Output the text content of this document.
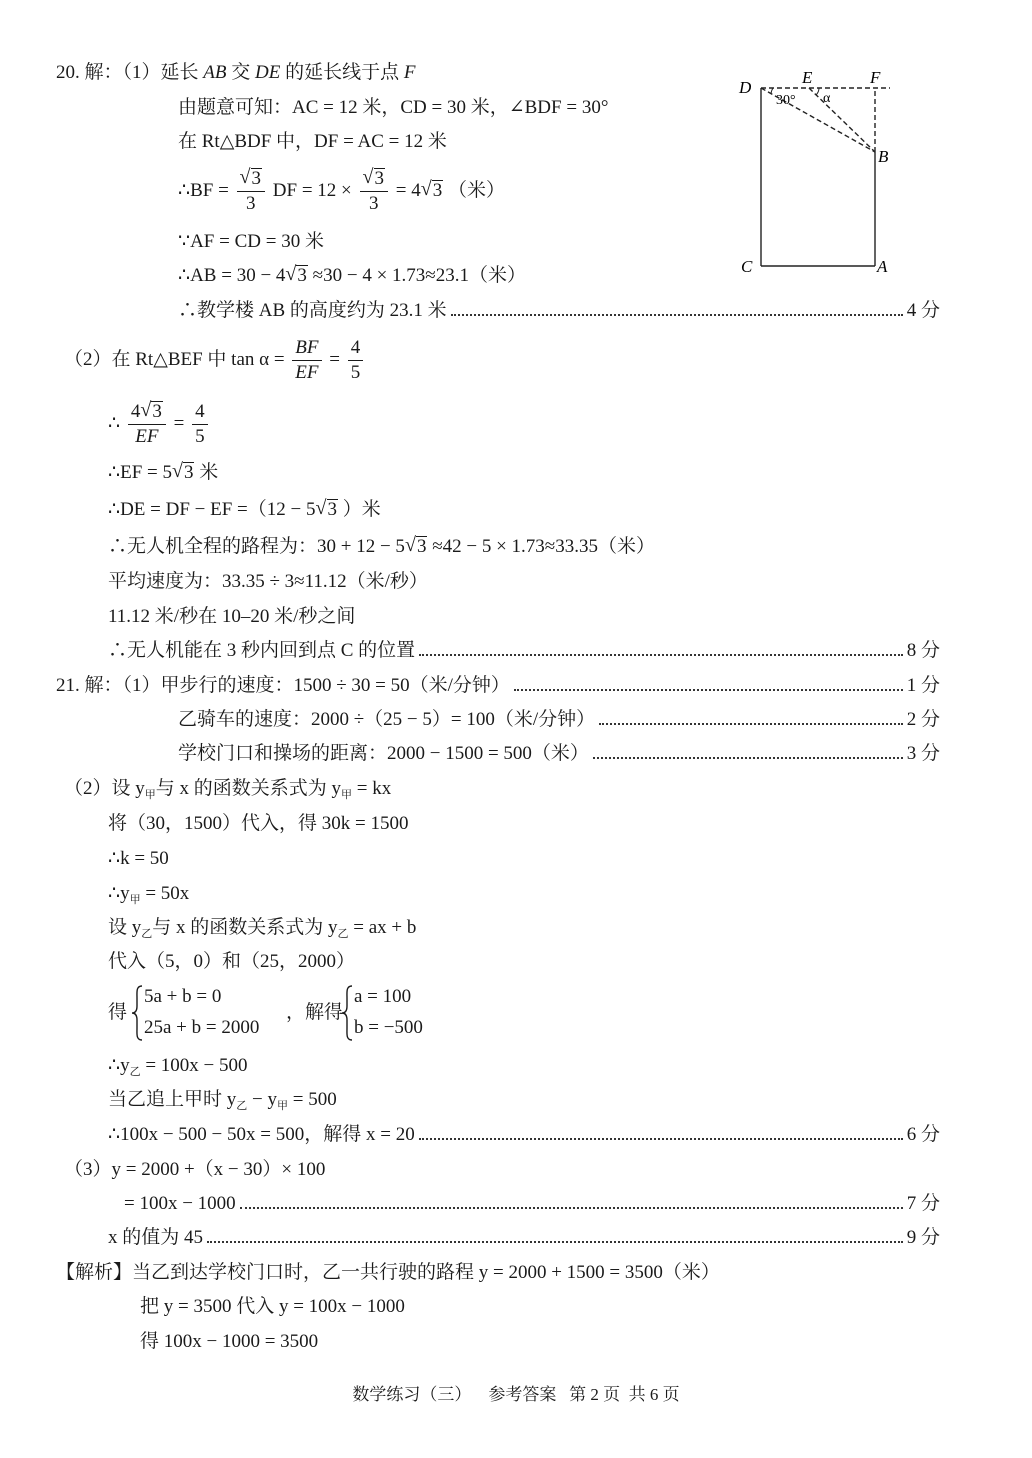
20. 解：（1）延长 AB 交 DE 的延长线于点 F
由题意可知：AC = 12 米，CD = 30 米，∠BDF = 30°
在 Rt△BDF 中，DF = AC = 12 米
∴BF =
√ $\frac{3}{3}$ DF = 12 ×
√ $\frac{3}{3} = 4√$ 3 （米）
∵AF = CD = 30 米
∴AB = 30 − 4√ 3 ≈30 − 4 × 1.73≈23.1（米）
∴教学楼 AB 的高度约为 23.1 米	4 分
（2）在 Rt△BEF 中 $\tan \alpha = \frac{BF}{EF} = \frac{4}{5}$
∴ $\frac{4√ 3}{EF} = \frac{4}{5}$
∴EF = 5√ 3 米
∴DE = DF − EF =（12 − 5√ 3 ）米
∴无人机全程的路程为：30 + 12 − 5√ 3 ≈42 − 5 × 1.73≈33.35（米）
平均速度为：33.35 ÷ 3≈11.12（米/秒）
11.12 米/秒在 10–20 米/秒之间
∴无人机能在 3 秒内回到点 C 的位置	8 分
D
E	F
B
C	A
30° α
21. 解：（1）甲步行的速度：1500 ÷ 30 = 50（米/分钟）	1 分
乙骑车的速度：2000 ÷（25 − 5）= 100（米/分钟）	2 分
学校门口和操场的距离：2000 − 1500 = 500（米）	3 分
（2）设 $y_甲$与 x 的函数关系式为 $y_甲$ = kx
将（30，1500）代入，得 30k = 1500
∴k = 50
$\therefore y_甲 = 50x$
设 $y_乙$与 x 的函数关系式为 $y_乙$ = ax + b
代入（5，0）和（25，2000）
得
5a + b = 0
25a + b = 2000
，解得
a = 100
b = −500
$\therefore y_乙 = 100x - 500$
当乙追上甲时 $y_乙 - y_甲 = 500$
∴100x − 500 − 50x = 500，解得 x = 20	6 分
（3）y = 2000 +（x − 30）× 100
= 100x − 1000	7 分
x 的值为 45	9 分
【解析】当乙到达学校门口时，乙一共行驶的路程 y = 2000 + 1500 = 3500（米）
把 y = 3500 代入 y = 100x − 1000
得 100x − 1000 = 3500
数学练习（三）    参考答案   第 2 页  共 6 页
